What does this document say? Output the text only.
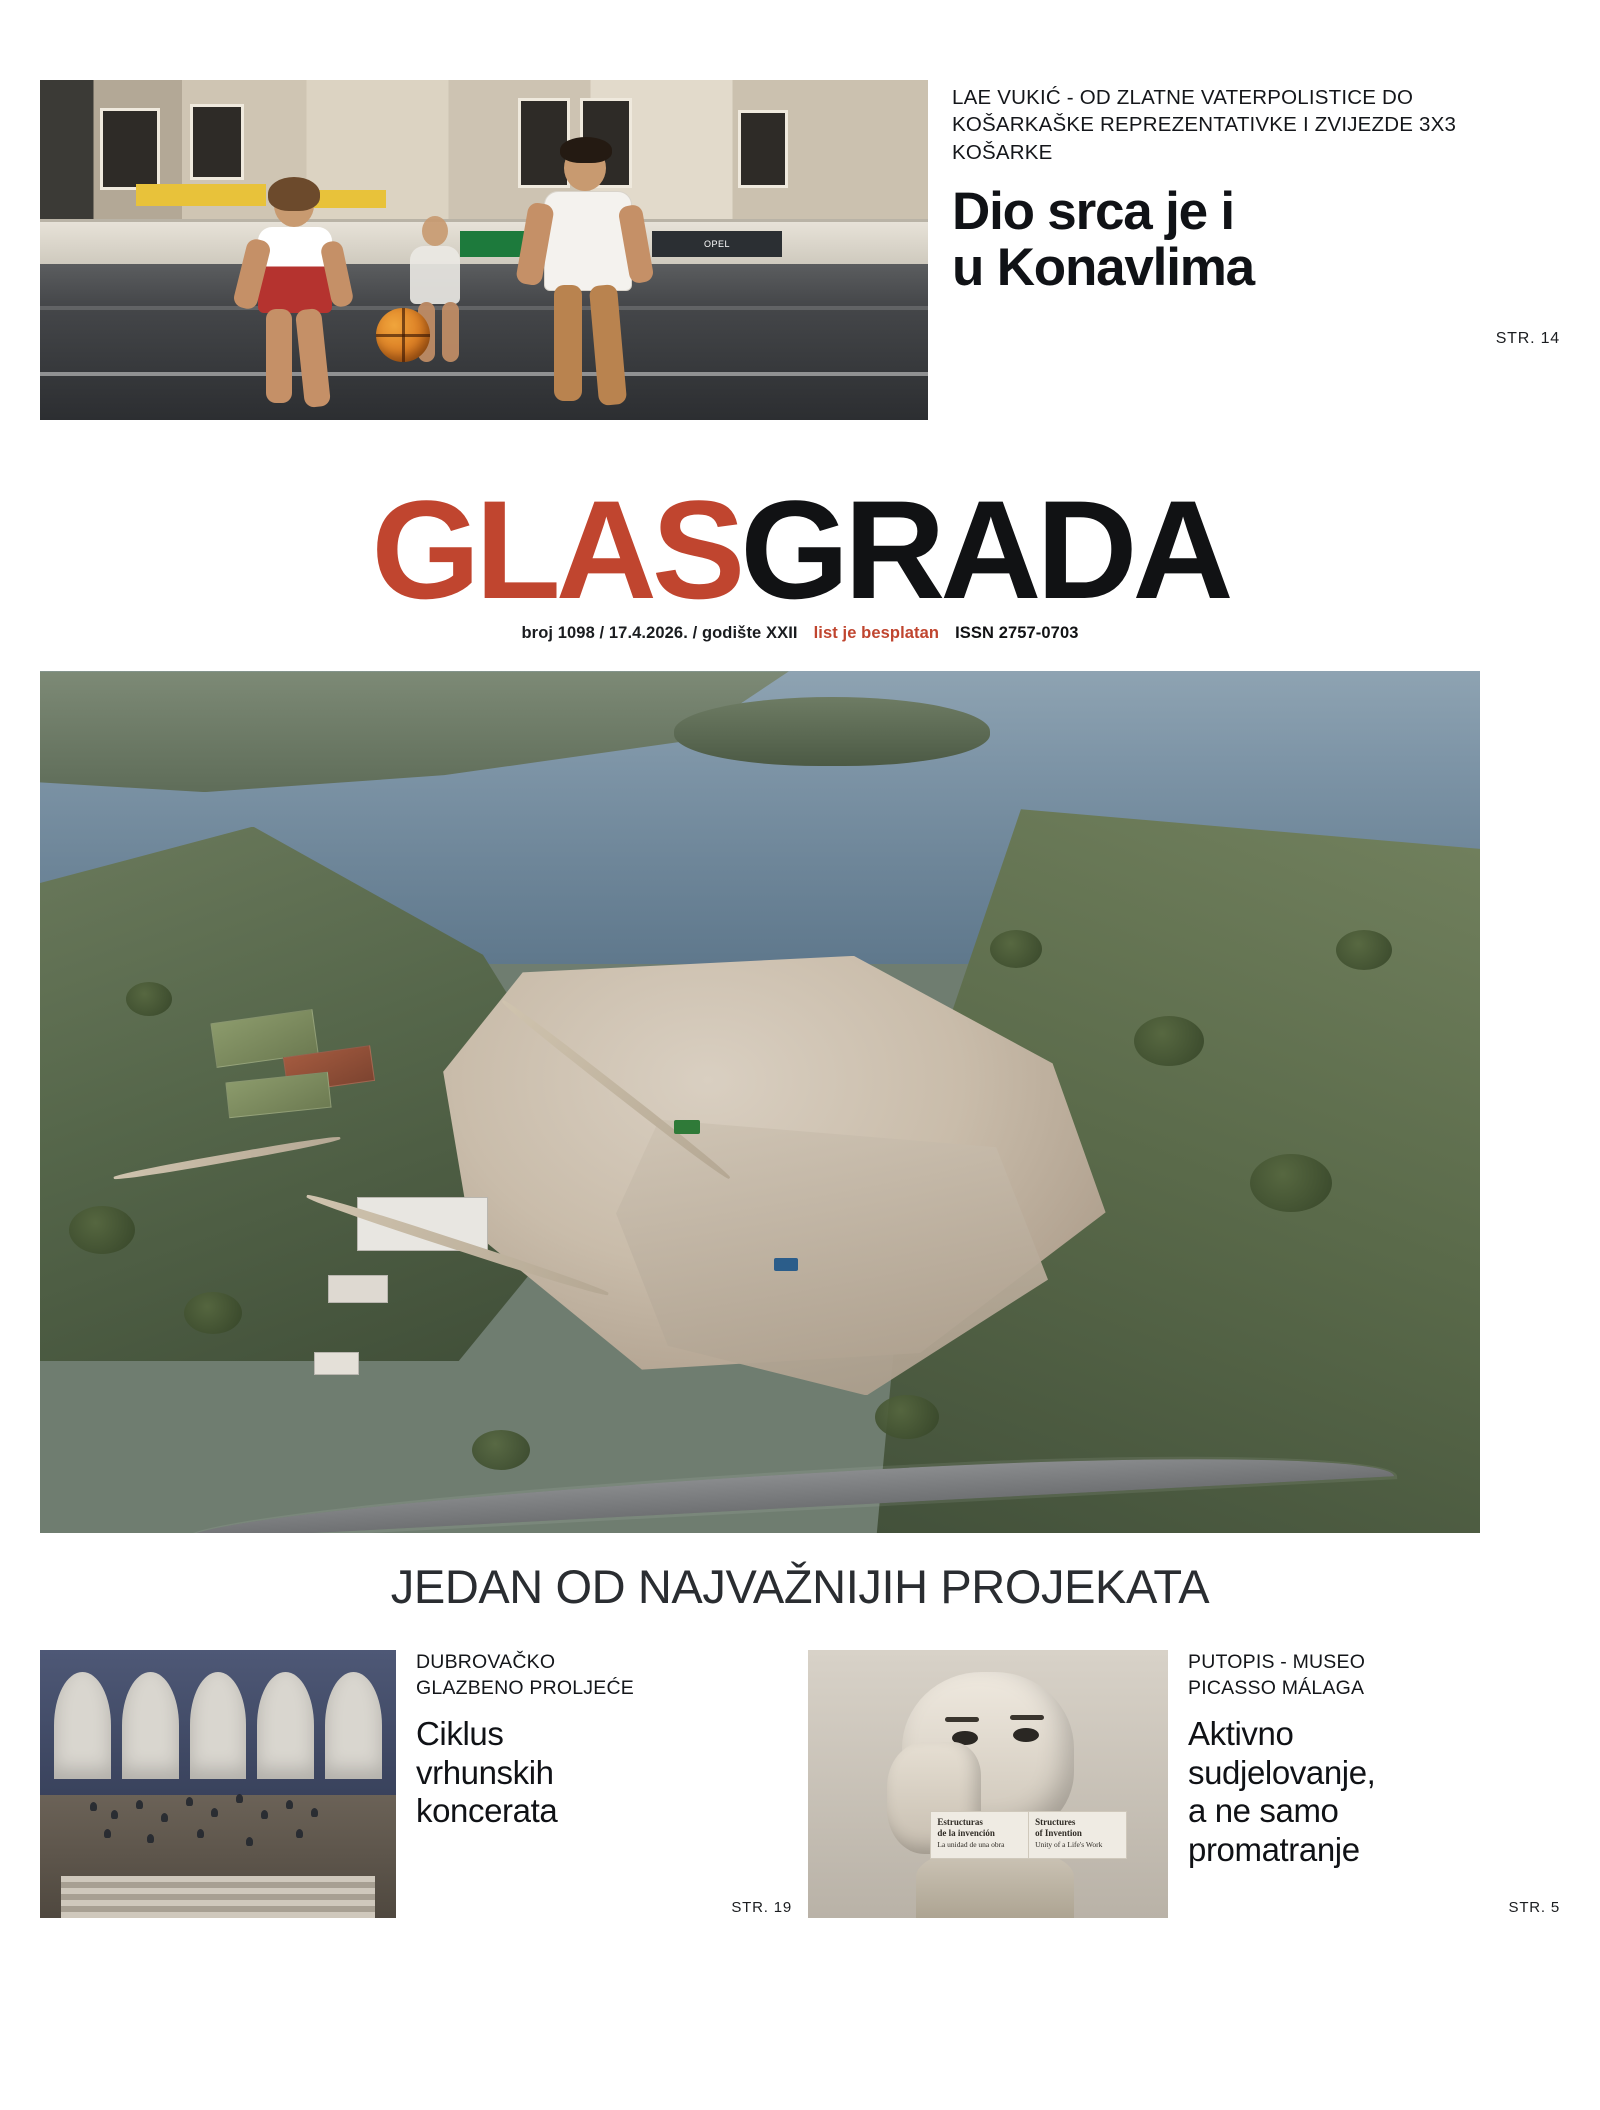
OPEL
LAE VUKIĆ - OD ZLATNE VATERPOLISTICE DO KOŠARKAŠKE REPREZENTATIVKE I ZVIJEZDE 3X3 KOŠARKE
Dio srca je i
u Konavlima
STR. 14
GLASGRADA
broj 1098 / 17.4.2026. / godište XXII list je besplatan ISSN 2757-0703
JEDAN OD NAJVAŽNIJIH PROJEKATA
DUBROVAČKO
GLAZBENO PROLJEĆE
Ciklus
vrhunskih
koncerata
STR. 19
Estructuras
de la invención
La unidad de una obra
Structures
of Invention
Unity of a Life's Work
PUTOPIS - MUSEO
PICASSO MÁLAGA
Aktivno
sudjelovanje,
a ne samo
promatranje
STR. 5
